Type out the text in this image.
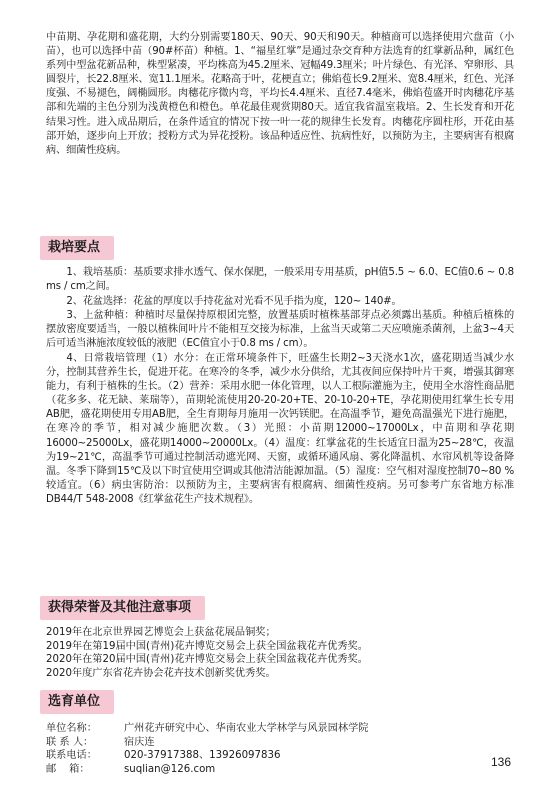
中苗期、孕花期和盛花期，大约分别需要180天、90天、90天和90天。种植商可以选择使用穴盘苗（小苗），也可以选择中苗（90#杯苗）种植。1、“福星红掌”是通过杂交育种方法选育的红掌新品种，属红色系列中型盆花新品种，株型紧凑，平均株高为45.2厘米、冠幅49.3厘米；叶片绿色、有光泽、窄卵形、具圆裂片，长22.8厘米、宽11.1厘米。花略高于叶，花梗直立；佛焰苞长9.2厘米、宽8.4厘米，红色、光泽度强、不易褪色，阔椭圆形。肉穗花序微内弯，平均长4.4厘米、直径7.4毫米，佛焰苞盛开时肉穗花序基部和先端的主色分别为浅黄橙色和橙色。单花最佳观赏期80天。适宜我省温室栽培。2、生长发育和开花结果习性。进入成品期后，在条件适宜的情况下按一叶一花的规律生长发育。肉穗花序圆柱形，开花由基部开始，逐步向上开放；授粉方式为异花授粉。该品种适应性、抗病性好，以预防为主，主要病害有根腐病、细菌性疫病。

栽培要点

1、栽培基质：基质要求排水透气、保水保肥，一般采用专用基质，pH值5.5 ~ 6.0、EC值0.6 ~ 0.8 ms / cm之间。

2、花盆选择：花盆的厚度以手持花盆对光看不见手指为度，120~ 140#。

3、上盆种植：种植时尽量保持原根团完整，放置基质时植株基部芽点必须露出基质。种植后植株的摆放密度要适当，一般以植株间叶片不能相互交接为标准，上盆当天或第二天应喷施杀菌剂，上盆3~4天后可适当淋施浓度较低的液肥（EC值宜小于0.8 ms / cm）。

4、日常栽培管理（1）水分：在正常环境条件下，旺盛生长期2~3天浇水1次，盛花期适当减少水分，控制其营养生长，促进开花。在寒冷的冬季，减少水分供给，尤其夜间应保持叶片干爽，增强其御寒能力，有利于植株的生长。（2）营养：采用水肥一体化管理，以人工根际灌施为主，使用全水溶性商品肥（花多多、花无缺、莱瑞等），苗期轮流使用20-20-20+TE、20-10-20+TE，孕花期使用红掌生长专用AB肥，盛花期使用专用AB肥，全生育期每月施用一次钙镁肥。在高温季节，避免高温强光下进行施肥，在寒冷的季节，相对减少施肥次数。（3）光照：小苗期12000~17000Lx，中苗期和孕花期16000~25000Lx，盛花期14000~20000Lx。（4）温度：红掌盆花的生长适宜日温为25~28℃，夜温为19~21℃，高温季节可通过控制活动遮光网、天窗，或循环通风扇、雾化降温机、水帘风机等设备降温。冬季下降到15℃及以下时宜使用空调或其他清洁能源加温。（5）湿度：空气相对湿度控制70~80 %较适宜。（6）病虫害防治：以预防为主，主要病害有根腐病、细菌性疫病。另可参考广东省地方标准DB44/T 548-2008《红掌盆花生产技术规程》。

获得荣誉及其他注意事项
2019年在北京世界园艺博览会上获盆花展品铜奖；
2019年在第19届中国(青州)花卉博览交易会上获全国盆栽花卉优秀奖。
2020年在第20届中国(青州)花卉博览交易会上获全国盆栽花卉优秀奖。
2020年度广东省花卉协会花卉技术创新奖优秀奖。
选育单位
单位名称：	广州花卉研究中心、华南农业大学林学与风景园林学院
联 系 人：	宿庆连
联系电话：	020-37917388、13926097836
邮    箱：	suqlian@126.com
136
